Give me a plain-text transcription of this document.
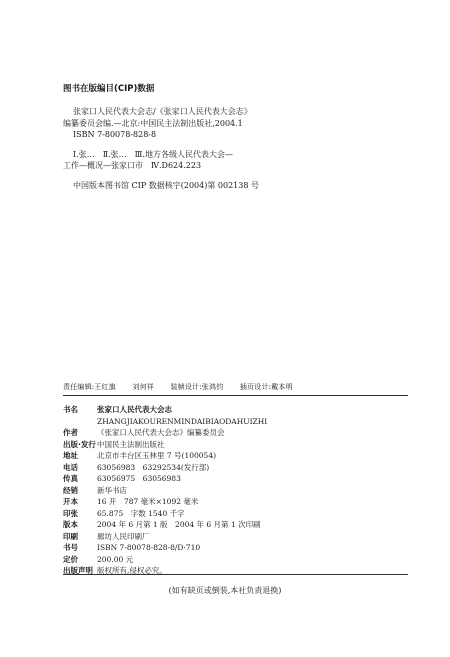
图书在版编目(CIP)数据
张家口人民代表大会志/《张家口人民代表大会志》
编纂委员会编.—北京:中国民主法制出版社,2004.1
ISBN 7-80078-828-8
Ⅰ.张…　Ⅱ.张…　Ⅲ.地方各级人民代表大会—
工作—概况—张家口市　Ⅳ.D624.223
中国版本图书馆 CIP 数据核字(2004)第 002138 号
责任编辑:王红旗 刘何祥 装帧设计:张鸿钧 插页设计:戴本明
书名	张家口人民代表大会志
ZHANGJIAKOURENMINDAIBIAODAHUIZHI
作者	《张家口人民代表大会志》编纂委员会
出版·发行 中国民主法制出版社
地址	北京市丰台区玉林里 7 号(100054)
电话	63056983　63292534(发行部)
传真	63056975　63056983
经销	新华书店
开本	16 开　787 毫米×1092 毫米
印张	65.875　字数 1540 千字
版本	2004 年 6 月第 1 版　2004 年 6 月第 1 次印刷
印刷	廊坊人民印刷厂
书号	ISBN 7-80078-828-8/D·710
定价	200.00 元
出版声明 版权所有,侵权必究。
(如有缺页或倒装,本社负责退换)
